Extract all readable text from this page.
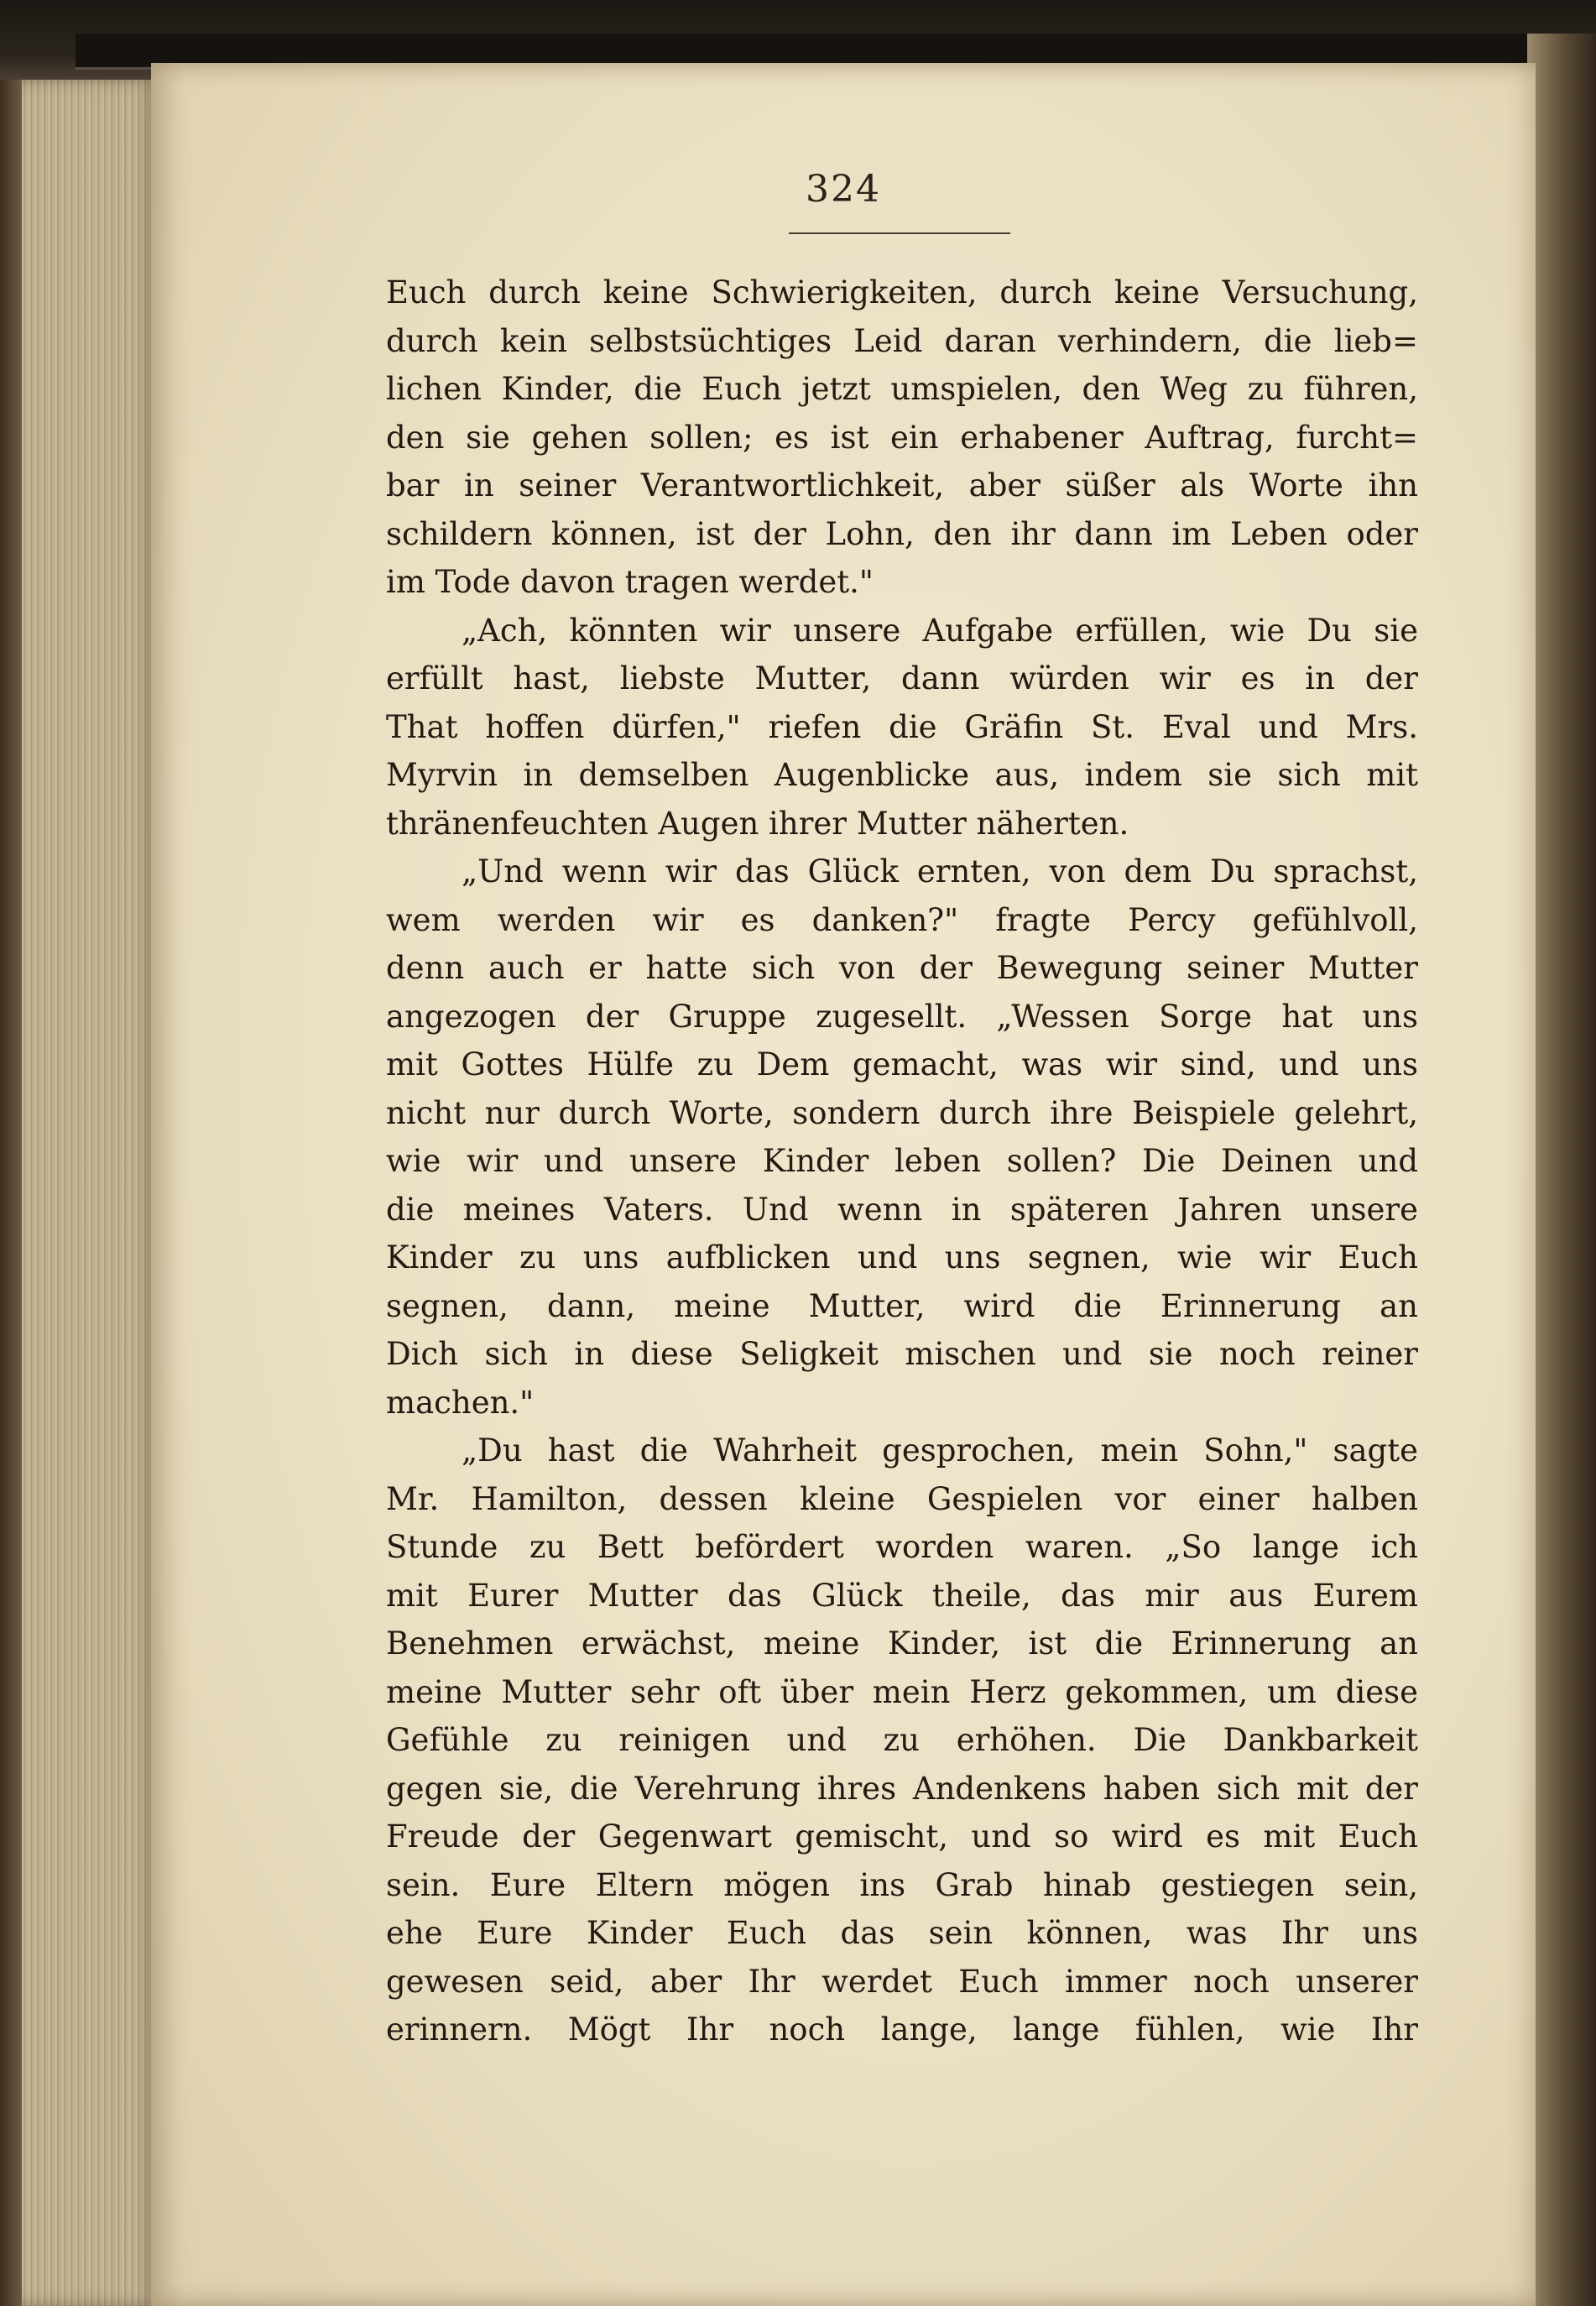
324
Euch durch keine Schwierigkeiten, durch keine Versuchung,
durch kein selbstsüchtiges Leid daran verhindern, die lieb=
lichen Kinder, die Euch jetzt umspielen, den Weg zu führen,
den sie gehen sollen; es ist ein erhabener Auftrag, furcht=
bar in seiner Verantwortlichkeit, aber süßer als Worte ihn
schildern können, ist der Lohn, den ihr dann im Leben oder
im Tode davon tragen werdet."
„Ach, könnten wir unsere Aufgabe erfüllen, wie Du sie
erfüllt hast, liebste Mutter, dann würden wir es in der
That hoffen dürfen," riefen die Gräfin St. Eval und Mrs.
Myrvin in demselben Augenblicke aus, indem sie sich mit
thränenfeuchten Augen ihrer Mutter näherten.
„Und wenn wir das Glück ernten, von dem Du sprachst,
wem werden wir es danken?" fragte Percy gefühlvoll,
denn auch er hatte sich von der Bewegung seiner Mutter
angezogen der Gruppe zugesellt. „Wessen Sorge hat uns
mit Gottes Hülfe zu Dem gemacht, was wir sind, und uns
nicht nur durch Worte, sondern durch ihre Beispiele gelehrt,
wie wir und unsere Kinder leben sollen? Die Deinen und
die meines Vaters. Und wenn in späteren Jahren unsere
Kinder zu uns aufblicken und uns segnen, wie wir Euch
segnen, dann, meine Mutter, wird die Erinnerung an
Dich sich in diese Seligkeit mischen und sie noch reiner
machen."
„Du hast die Wahrheit gesprochen, mein Sohn," sagte
Mr. Hamilton, dessen kleine Gespielen vor einer halben
Stunde zu Bett befördert worden waren. „So lange ich
mit Eurer Mutter das Glück theile, das mir aus Eurem
Benehmen erwächst, meine Kinder, ist die Erinnerung an
meine Mutter sehr oft über mein Herz gekommen, um diese
Gefühle zu reinigen und zu erhöhen. Die Dankbarkeit
gegen sie, die Verehrung ihres Andenkens haben sich mit der
Freude der Gegenwart gemischt, und so wird es mit Euch
sein. Eure Eltern mögen ins Grab hinab gestiegen sein,
ehe Eure Kinder Euch das sein können, was Ihr uns
gewesen seid, aber Ihr werdet Euch immer noch unserer
erinnern. Mögt Ihr noch lange, lange fühlen, wie Ihr
